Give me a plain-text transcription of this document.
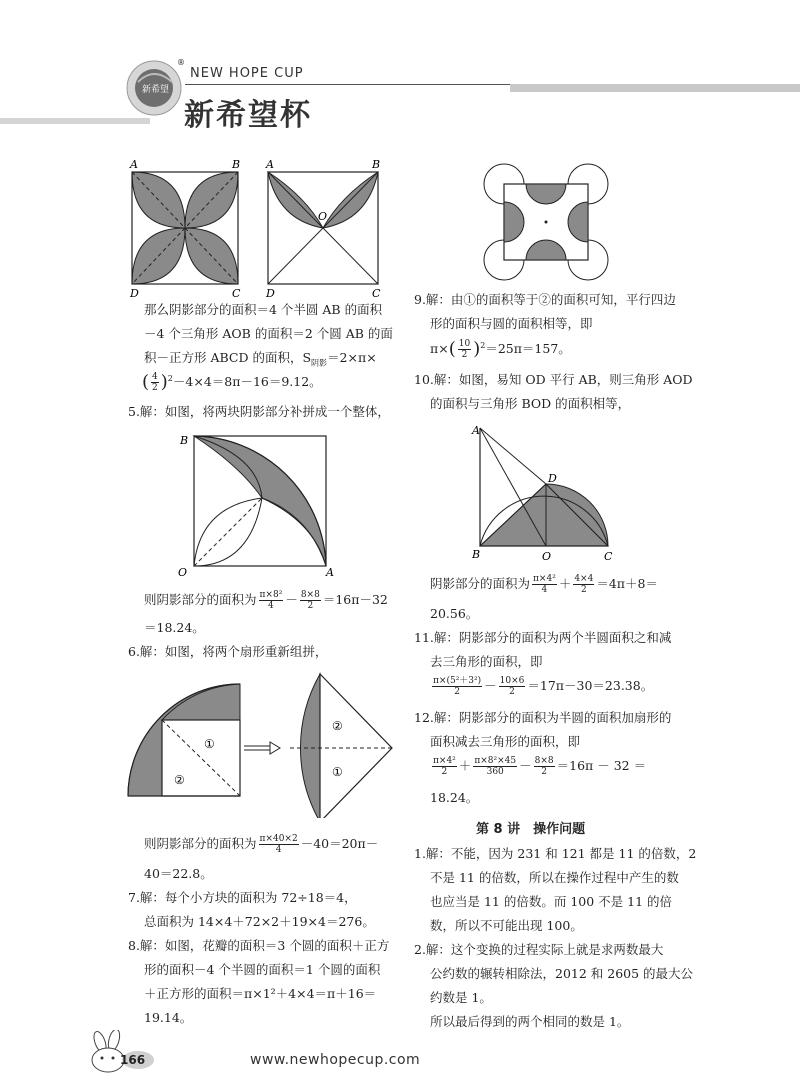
新希望
®
NEW HOPE CUP
新希望杯
A	B
C
D
A	B
C
D
O
B
O	A
①
②
②
①
A
B	O	C
D
那么阴影部分的面积＝4 个半圆 AB 的面积
－4 个三角形 AOB 的面积＝2 个圆 AB 的面
积－正方形 ABCD 的面积，$S_{阴影}=2\times\pi\times$
( $\frac{4}{2} )^2-4\times 4=8\pi-16=9.12$。
5.解：如图，将两块阴影部分补拼成一个整体，
则阴影部分的面积为 $\frac{\text{π×8²}}{4} - \frac{8\times 8}{2} =16\pi-32$
＝18.24。
6.解：如图，将两个扇形重新组拼，
则阴影部分的面积为 $\frac{\pi\times 40\times 2}{4} -40=20\pi-$
40＝22.8。
7.解：每个小方块的面积为 72÷18＝4，
总面积为 14×4＋72×2＋19×4＝276。
8.解：如图，花瓣的面积＝3 个圆的面积＋正方
形的面积－4 个半圆的面积＝1 个圆的面积
＋正方形的面积＝π×1²＋4×4＝π＋16＝
19.14。
9.解：由①的面积等于②的面积可知，平行四边
形的面积与圆的面积相等，即
$\pi\times( \frac{10}{2} )^2=25\pi=157$。
10.解：如图，易知 OD 平行 AB，则三角形 AOD
的面积与三角形 BOD 的面积相等，
阴影部分的面积为 $\frac{\text{π×4²}}{4} + \frac{4\times 4}{2} =4\pi+8=$
20.56。
11.解：阴影部分的面积为两个半圆面积之和减
去三角形的面积，即
$\frac{\text{π×(5²＋3²)}}{2} - \frac{10\times 6}{2} =17\pi-30=23.38$。
12.解：阴影部分的面积为半圆的面积加扇形的
面积减去三角形的面积，即
$\frac{\text{π×4²}}{2} + \frac{\text{π×8²×45}}{360} - \frac{8\times 8}{2} =16\pi - 32$ ＝
18.24。
第 8 讲　操作问题
1.解：不能，因为 231 和 121 都是 11 的倍数，2
不是 11 的倍数，所以在操作过程中产生的数
也应当是 11 的倍数。而 100 不是 11 的倍
数，所以不可能出现 100。
2.解：这个变换的过程实际上就是求两数最大
公约数的辗转相除法，2012 和 2605 的最大公
约数是 1。
所以最后得到的两个相同的数是 1。
166	www.newhopecup.com
